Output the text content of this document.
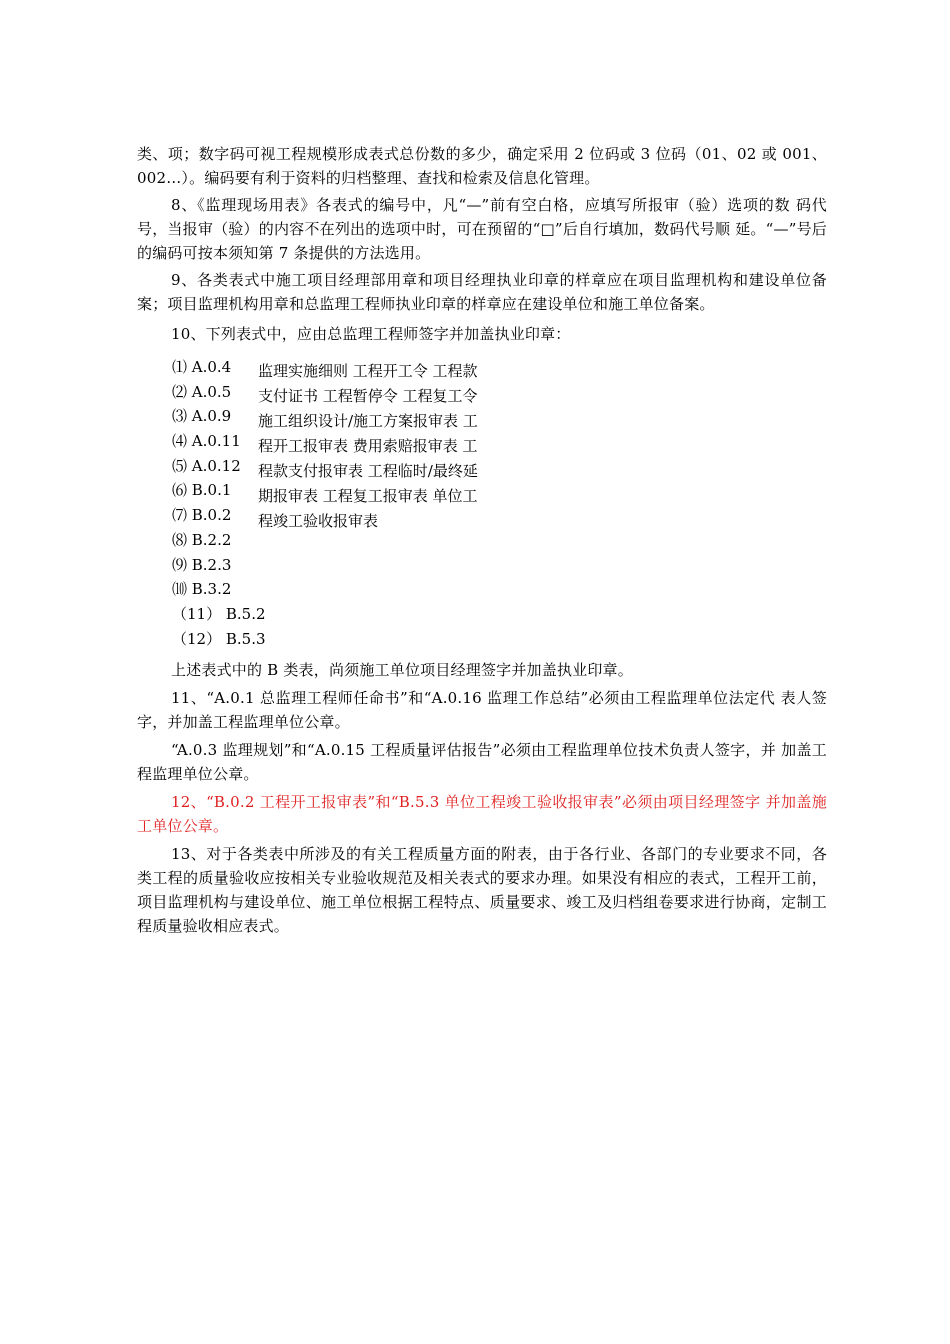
类、项；数字码可视工程规模形成表式总份数的多少，确定采用 2 位码或 3 位码（01、02 或 001、002…）。编码要有利于资料的归档整理、查找和检索及信息化管理。

8、《监理现场用表》各表式的编号中，凡“—”前有空白格，应填写所报审（验）选项的数 码代号，当报审（验）的内容不在列出的选项中时，可在预留的“□”后自行填加，数码代号顺 延。“—”号后的编码可按本须知第 7 条提供的方法选用。

9、各类表式中施工项目经理部用章和项目经理执业印章的样章应在项目监理机构和建设单位备案；项目监理机构用章和总监理工程师执业印章的样章应在建设单位和施工单位备案。

10、下列表式中，应由总监理工程师签字并加盖执业印章：

⑴ A.0.4
⑵ A.0.5
⑶ A.0.9
⑷ A.0.11
⑸ A.0.12
⑹ B.0.1
⑺ B.0.2
⑻ B.2.2
⑼ B.2.3
⑽ B.3.2
（11） B.5.2
（12） B.5.3
监理实施细则 工程开工令 工程款支付证书 工程暂停令 工程复工令 施工组织设计/施工方案报审表 工程开工报审表 费用索赔报审表 工程款支付报审表 工程临时/最终延期报审表 工程复工报审表 单位工程竣工验收报审表

上述表式中的 B 类表，尚须施工单位项目经理签字并加盖执业印章。

11、“A.0.1 总监理工程师任命书”和“A.0.16 监理工作总结”必须由工程监理单位法定代 表人签字，并加盖工程监理单位公章。

“A.0.3 监理规划”和“A.0.15 工程质量评估报告”必须由工程监理单位技术负责人签字，并 加盖工程监理单位公章。

12、“B.0.2 工程开工报审表”和“B.5.3 单位工程竣工验收报审表”必须由项目经理签字 并加盖施工单位公章。

13、对于各类表中所涉及的有关工程质量方面的附表，由于各行业、各部门的专业要求不同，各类工程的质量验收应按相关专业验收规范及相关表式的要求办理。如果没有相应的表式，工程开工前，项目监理机构与建设单位、施工单位根据工程特点、质量要求、竣工及归档组卷要求进行协商，定制工程质量验收相应表式。
